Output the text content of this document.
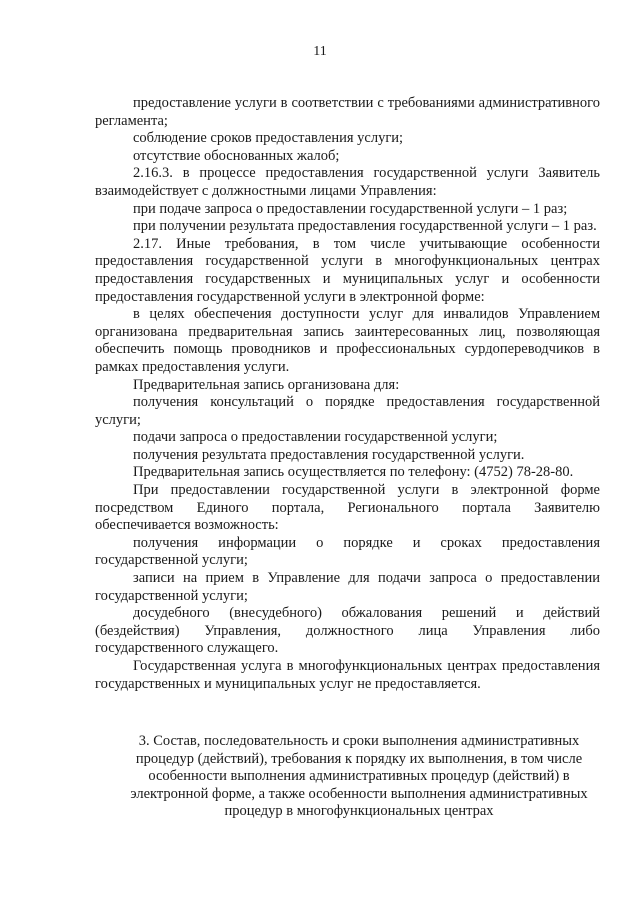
11

предоставление услуги в соответствии с требованиями административного регламента;

соблюдение сроков предоставления услуги;

отсутствие обоснованных жалоб;

2.16.3. в процессе предоставления государственной услуги Заявитель взаимодействует с должностными лицами Управления:

при подаче запроса о предоставлении государственной услуги – 1 раз;

при получении результата предоставления государственной услуги – 1 раз.

2.17. Иные требования, в том числе учитывающие особенности предоставления государственной услуги в многофункциональных центрах предоставления государственных и муниципальных услуг и особенности предоставления государственной услуги в электронной форме:

в целях обеспечения доступности услуг для инвалидов Управлением организована предварительная запись заинтересованных лиц, позволяющая обеспечить помощь проводников и профессиональных сурдопереводчиков в рамках предоставления услуги.

Предварительная запись организована для:

получения консультаций о порядке предоставления государственной услуги;

подачи запроса о предоставлении государственной услуги;

получения результата предоставления государственной услуги.

Предварительная запись осуществляется по телефону: (4752) 78-28-80.

При предоставлении государственной услуги в электронной форме посредством Единого портала, Регионального портала Заявителю обеспечивается возможность:

получения информации о порядке и сроках предоставления государственной услуги;

записи на прием в Управление для подачи запроса о предоставлении государственной услуги;

досудебного (внесудебного) обжалования решений и действий (бездействия) Управления, должностного лица Управления либо государственного служащего.

Государственная услуга в многофункциональных центрах предоставления государственных и муниципальных услуг не предоставляется.

3. Состав, последовательность и сроки выполнения административных
процедур (действий), требования к порядку их выполнения, в том числе
особенности выполнения административных процедур (действий) в
электронной форме, а также особенности выполнения административных
процедур в многофункциональных центрах
